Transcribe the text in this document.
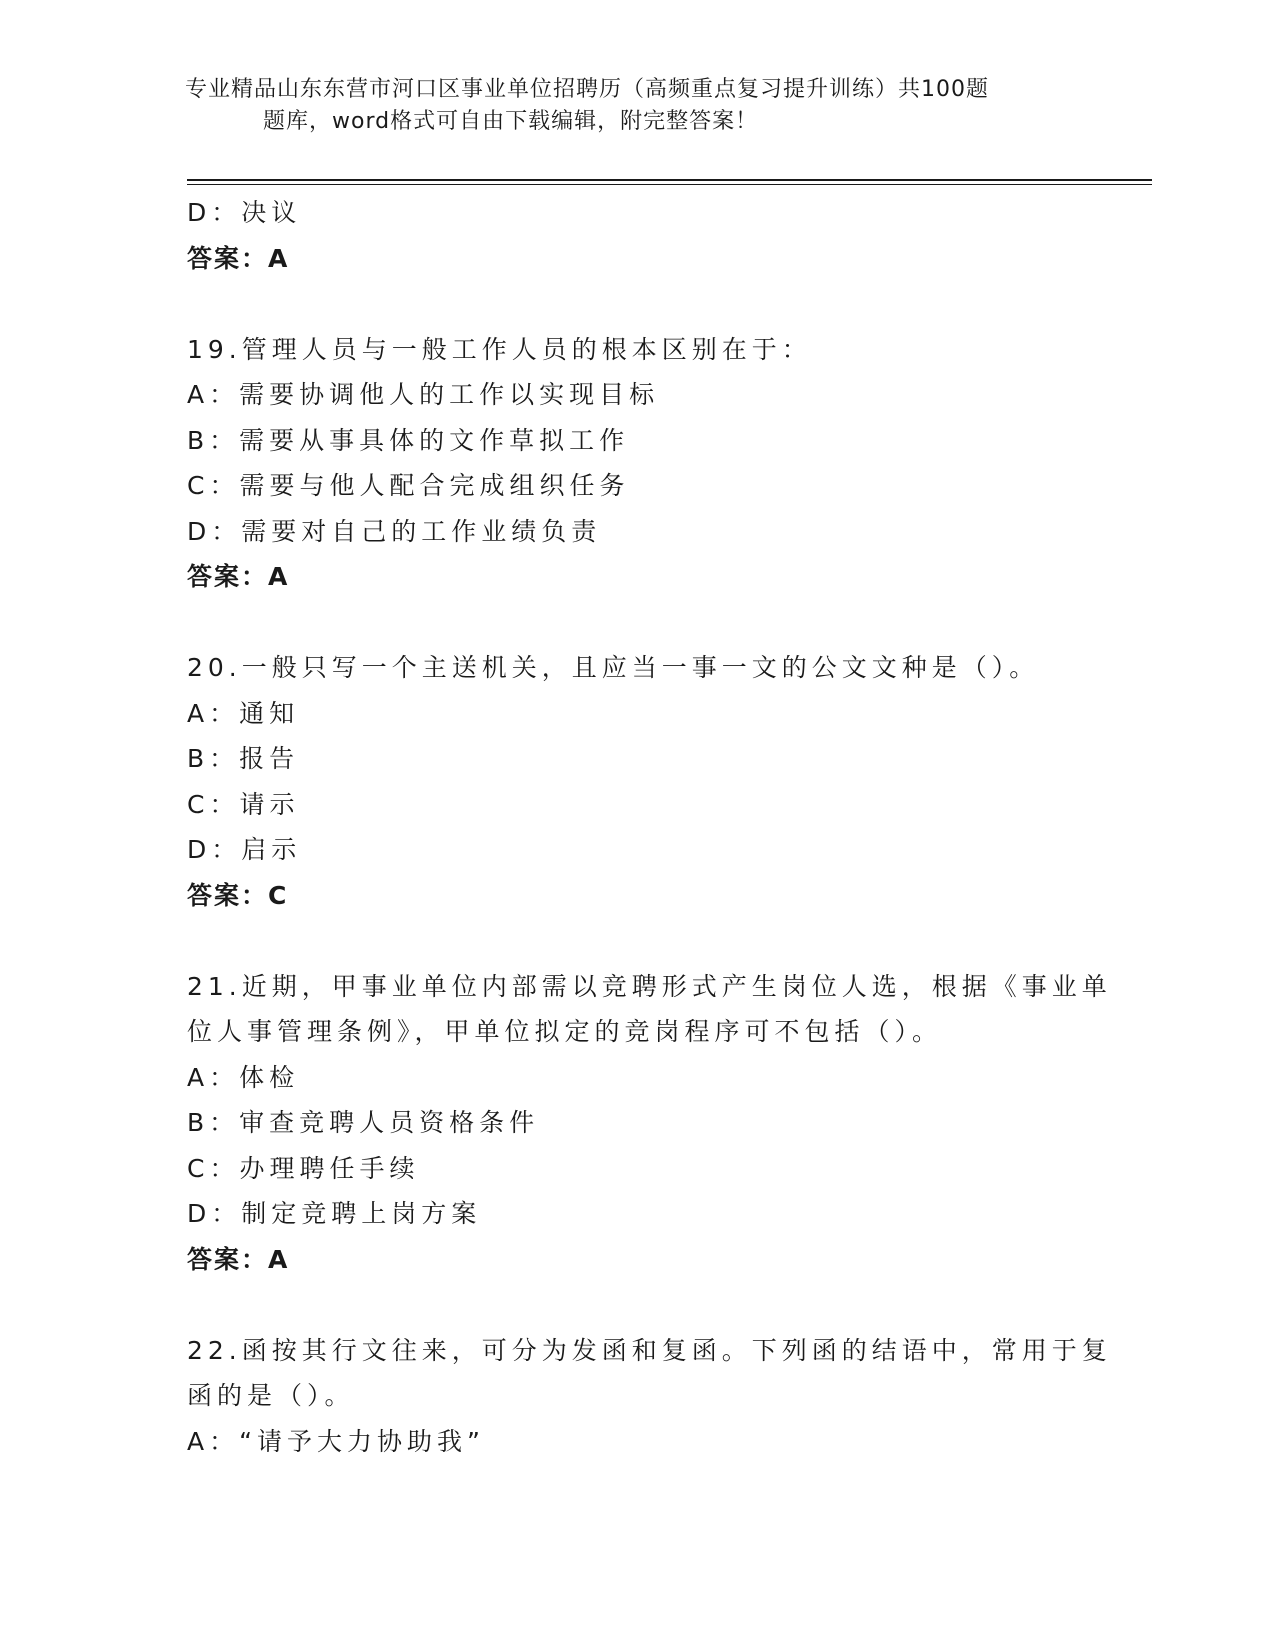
专业精品山东东营市河口区事业单位招聘历（高频重点复习提升训练）共100题
题库，word格式可自由下载编辑，附完整答案！
D：决议
答案：A
19.管理人员与一般工作人员的根本区别在于：
A：需要协调他人的工作以实现目标
B：需要从事具体的文作草拟工作
C：需要与他人配合完成组织任务
D：需要对自己的工作业绩负责
答案：A
20.一般只写一个主送机关，且应当一事一文的公文文种是（）。
A：通知
B：报告
C：请示
D：启示
答案：C
21.近期，甲事业单位内部需以竞聘形式产生岗位人选，根据《事业单
位人事管理条例》，甲单位拟定的竞岗程序可不包括（）。
A：体检
B：审查竞聘人员资格条件
C：办理聘任手续
D：制定竞聘上岗方案
答案：A
22.函按其行文往来，可分为发函和复函。下列函的结语中，常用于复
函的是（）。
A：“请予大力协助我”
